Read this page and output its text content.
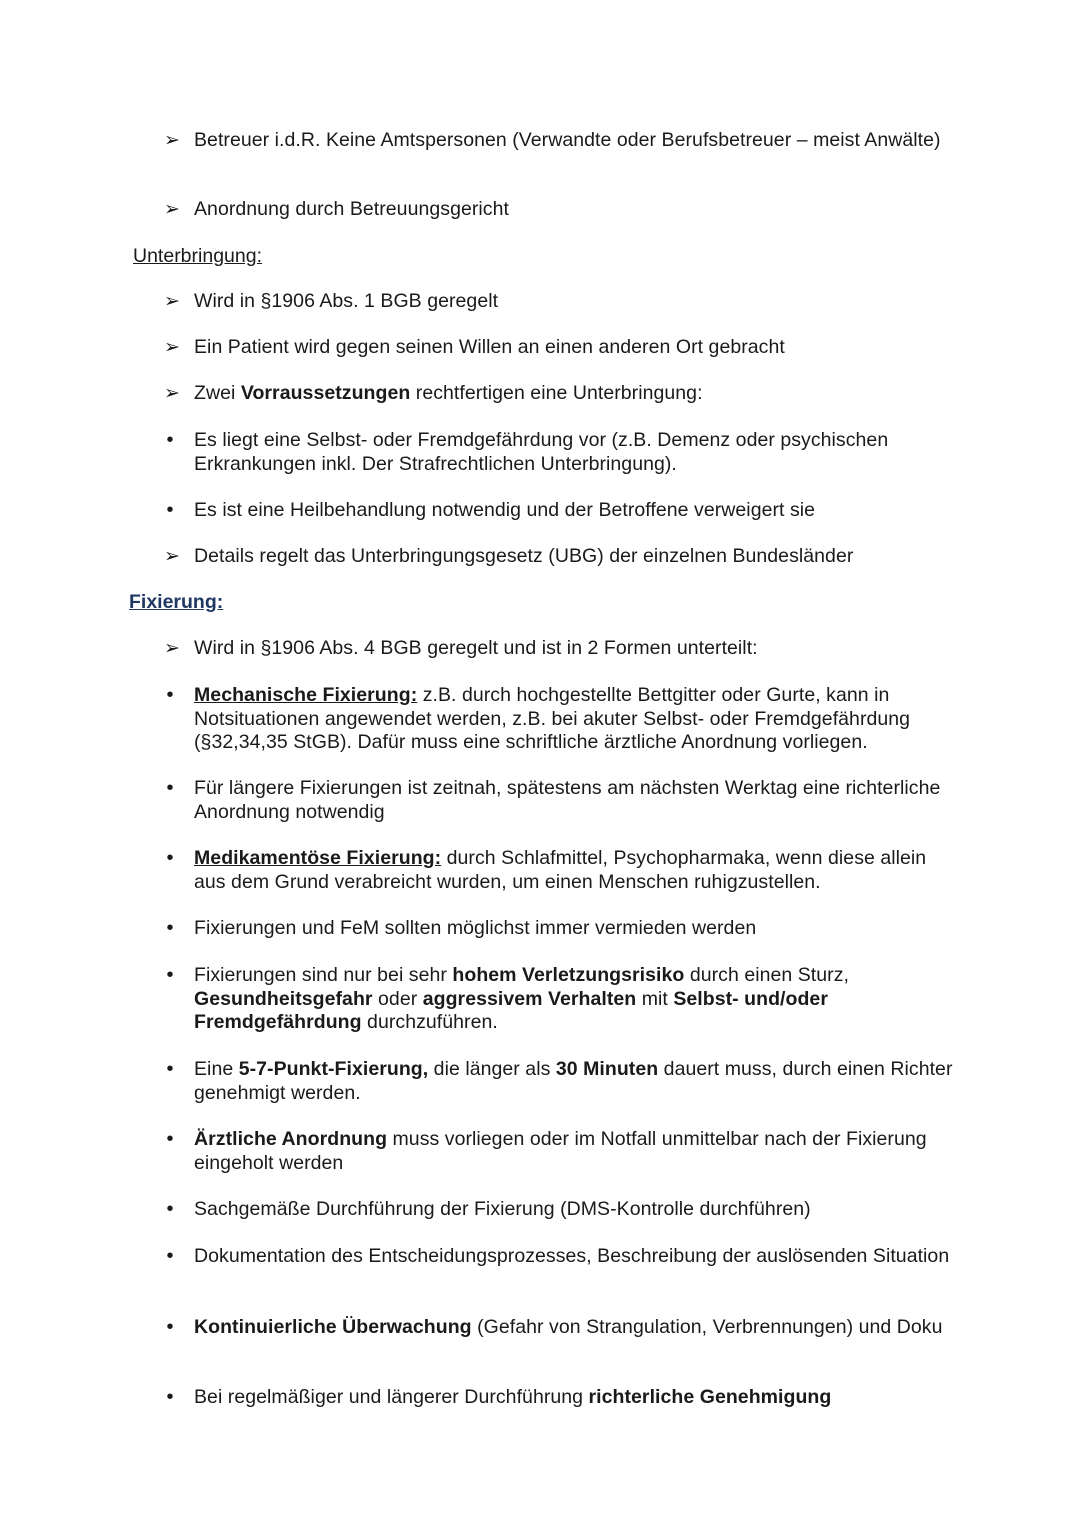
➢ Betreuer i.d.R. Keine Amtspersonen (Verwandte oder Berufsbetreuer – meist Anwälte)
➢ Anordnung durch Betreuungsgericht
Unterbringung:
➢ Wird in §1906 Abs. 1 BGB geregelt
➢ Ein Patient wird gegen seinen Willen an einen anderen Ort gebracht
➢ Zwei Vorraussetzungen rechtfertigen eine Unterbringung:
•	Es liegt eine Selbst- oder Fremdgefährdung vor (z.B. Demenz oder psychischen Erkrankungen inkl. Der Strafrechtlichen Unterbringung).
•	Es ist eine Heilbehandlung notwendig und der Betroffene verweigert sie
➢ Details regelt das Unterbringungsgesetz (UBG) der einzelnen Bundesländer
Fixierung:
➢ Wird in §1906 Abs. 4 BGB geregelt und ist in 2 Formen unterteilt:
•	Mechanische Fixierung: z.B. durch hochgestellte Bettgitter oder Gurte, kann in Notsituationen angewendet werden, z.B. bei akuter Selbst- oder Fremdgefährdung (§32,34,35 StGB). Dafür muss eine schriftliche ärztliche Anordnung vorliegen.
•	Für längere Fixierungen ist zeitnah, spätestens am nächsten Werktag eine richterliche Anordnung notwendig
•	Medikamentöse Fixierung: durch Schlafmittel, Psychopharmaka, wenn diese allein aus dem Grund verabreicht wurden, um einen Menschen ruhigzustellen.
•	Fixierungen und FeM sollten möglichst immer vermieden werden
•	Fixierungen sind nur bei sehr hohem Verletzungsrisiko durch einen Sturz, Gesundheitsgefahr oder aggressivem Verhalten mit Selbst- und/oder Fremdgefährdung durchzuführen.
•	Eine 5-7-Punkt-Fixierung, die länger als 30 Minuten dauert muss, durch einen Richter genehmigt werden.
•	Ärztliche Anordnung muss vorliegen oder im Notfall unmittelbar nach der Fixierung eingeholt werden
•	Sachgemäße Durchführung der Fixierung (DMS-Kontrolle durchführen)
•	Dokumentation des Entscheidungsprozesses, Beschreibung der auslösenden Situation
•	Kontinuierliche Überwachung (Gefahr von Strangulation, Verbrennungen) und Doku
•	Bei regelmäßiger und längerer Durchführung richterliche Genehmigung
